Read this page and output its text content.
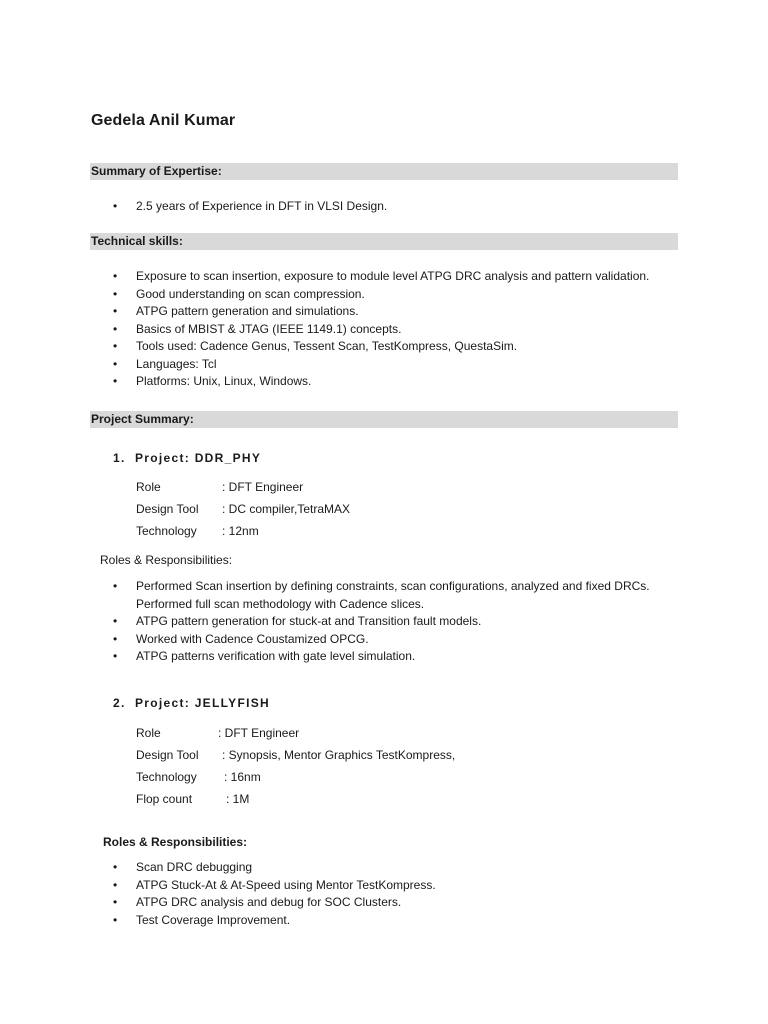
Gedela Anil Kumar
Summary of Expertise:
• 2.5 years of Experience in DFT in VLSI Design.
Technical skills:
• Exposure to scan insertion, exposure to module level ATPG DRC analysis and pattern validation.
• Good understanding on scan compression.
• ATPG pattern generation and simulations.
• Basics of MBIST & JTAG (IEEE 1149.1) concepts.
• Tools used: Cadence Genus, Tessent Scan, TestKompress, QuestaSim.
• Languages: Tcl
• Platforms: Unix, Linux, Windows.
Project Summary:
1. Project: DDR_PHY
Role	: DFT Engineer
Design Tool : DC compiler,TetraMAX
Technology : 12nm
Roles & Responsibilities:
• Performed Scan insertion by defining constraints, scan configurations, analyzed and fixed DRCs.
Performed full scan methodology with Cadence slices.
• ATPG pattern generation for stuck-at and Transition fault models.
• Worked with Cadence Coustamized OPCG.
• ATPG patterns verification with gate level simulation.
2. Project: JELLYFISH
Role	: DFT Engineer
Design Tool : Synopsis, Mentor Graphics TestKompress,
Technology : 16nm
Flop count	: 1M
Roles & Responsibilities:
• Scan DRC debugging
• ATPG Stuck-At & At-Speed using Mentor TestKompress.
• ATPG DRC analysis and debug for SOC Clusters.
• Test Coverage Improvement.
